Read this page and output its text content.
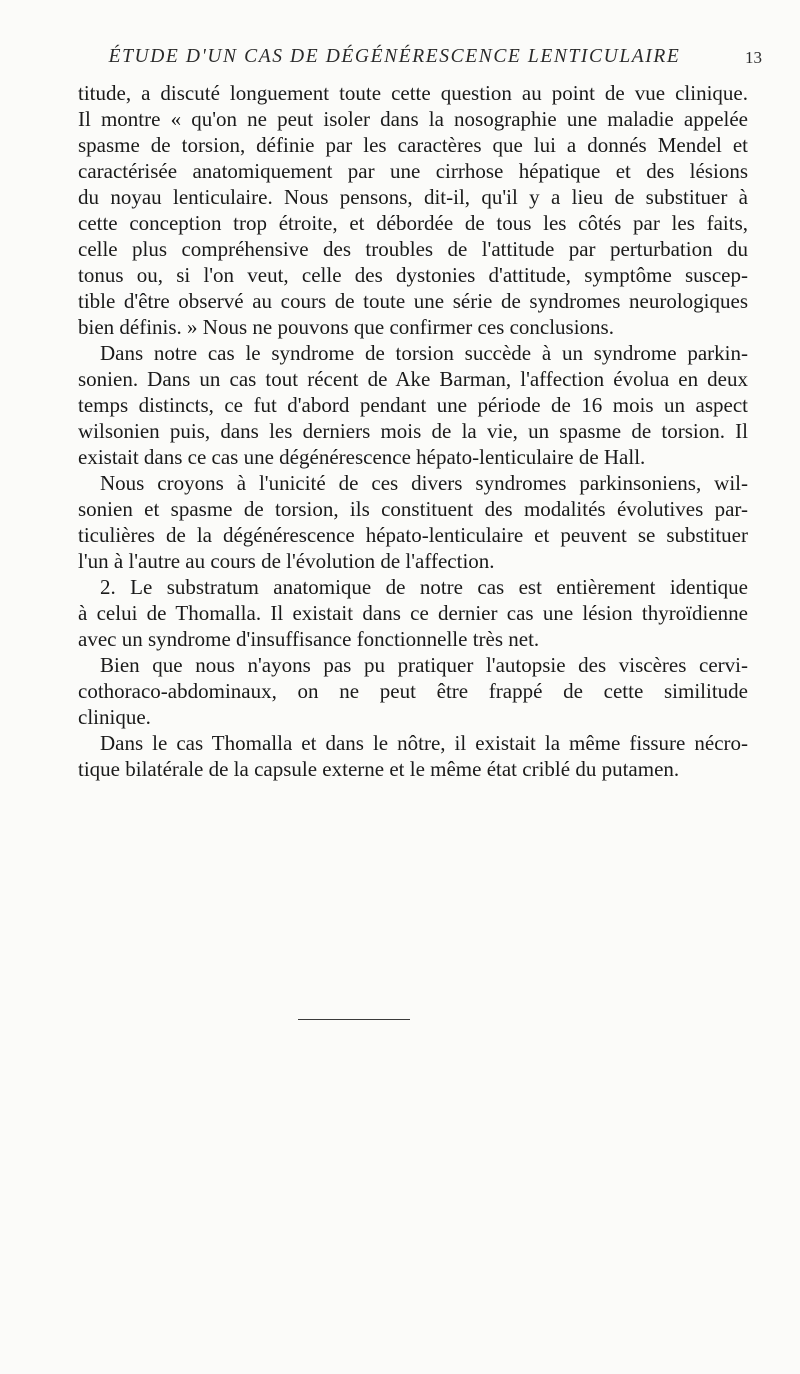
ÉTUDE D'UN CAS DE DÉGÉNÉRESCENCE LENTICULAIRE	13
titude, a discuté longuement toute cette question au point de vue clinique.
Il montre « qu'on ne peut isoler dans la nosographie une maladie appelée
spasme de torsion, définie par les caractères que lui a donnés Mendel et
caractérisée anatomiquement par une cirrhose hépatique et des lésions
du noyau lenticulaire. Nous pensons, dit-il, qu'il y a lieu de substituer à
cette conception trop étroite, et débordée de tous les côtés par les faits,
celle plus compréhensive des troubles de l'attitude par perturbation du
tonus ou, si l'on veut, celle des dystonies d'attitude, symptôme suscep-
tible d'être observé au cours de toute une série de syndromes neurologiques
bien définis. » Nous ne pouvons que confirmer ces conclusions.
Dans notre cas le syndrome de torsion succède à un syndrome parkin-
sonien. Dans un cas tout récent de Ake Barman, l'affection évolua en deux
temps distincts, ce fut d'abord pendant une période de 16 mois un aspect
wilsonien puis, dans les derniers mois de la vie, un spasme de torsion. Il
existait dans ce cas une dégénérescence hépato-lenticulaire de Hall.
Nous croyons à l'unicité de ces divers syndromes parkinsoniens, wil-
sonien et spasme de torsion, ils constituent des modalités évolutives par-
ticulières de la dégénérescence hépato-lenticulaire et peuvent se substituer
l'un à l'autre au cours de l'évolution de l'affection.
2. Le substratum anatomique de notre cas est entièrement identique
à celui de Thomalla. Il existait dans ce dernier cas une lésion thyroïdienne
avec un syndrome d'insuffisance fonctionnelle très net.
Bien que nous n'ayons pas pu pratiquer l'autopsie des viscères cervi-
cothoraco-abdominaux, on ne peut être frappé de cette similitude
clinique.
Dans le cas Thomalla et dans le nôtre, il existait la même fissure nécro-
tique bilatérale de la capsule externe et le même état criblé du putamen.
